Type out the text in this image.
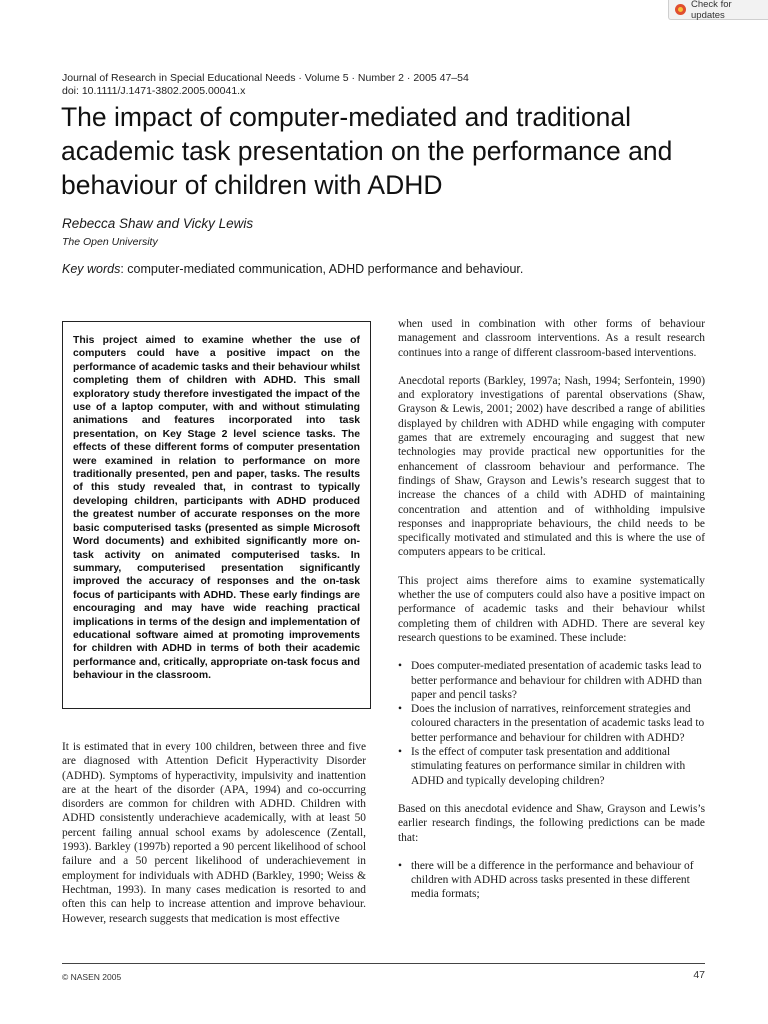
Check for updates
Journal of Research in Special Educational Needs · Volume 5 · Number 2 · 2005 47–54
doi: 10.1111/J.1471-3802.2005.00041.x
The impact of computer-mediated and traditional academic task presentation on the performance and behaviour of children with ADHD
Rebecca Shaw and Vicky Lewis
The Open University
Key words: computer-mediated communication, ADHD performance and behaviour.

This project aimed to examine whether the use of computers could have a positive impact on the performance of academic tasks and their behaviour whilst completing them of children with ADHD. This small exploratory study therefore investigated the impact of the use of a laptop computer, with and without stimulating animations and features incorporated into task presentation, on Key Stage 2 level science tasks. The effects of these different forms of computer presentation were examined in relation to performance on more traditionally presented, pen and paper, tasks. The results of this study revealed that, in contrast to typically developing children, participants with ADHD produced the greatest number of accurate responses on the more basic computerised tasks (presented as simple Microsoft Word documents) and exhibited significantly more on-task activity on animated computerised tasks. In summary, computerised presentation significantly improved the accuracy of responses and the on-task focus of participants with ADHD. These early findings are encouraging and may have wide reaching practical implications in terms of the design and implementation of educational software aimed at promoting improvements for children with ADHD in terms of both their academic performance and, critically, appropriate on-task focus and behaviour in the classroom.

It is estimated that in every 100 children, between three and five are diagnosed with Attention Deficit Hyperactivity Disorder (ADHD). Symptoms of hyperactivity, impulsivity and inattention are at the heart of the disorder (APA, 1994) and co-occurring disorders are common for children with ADHD. Children with ADHD consistently underachieve academically, with at least 50 percent failing annual school exams by adolescence (Zentall, 1993). Barkley (1997b) reported a 90 percent likelihood of school failure and a 50 percent likelihood of underachievement in employment for individuals with ADHD (Barkley, 1990; Weiss & Hechtman, 1993). In many cases medication is resorted to and often this can help to increase attention and improve behaviour. However, research suggests that medication is most effective

when used in combination with other forms of behaviour management and classroom interventions. As a result research continues into a range of different classroom-based interventions.

Anecdotal reports (Barkley, 1997a; Nash, 1994; Serfontein, 1990) and exploratory investigations of parental observations (Shaw, Grayson & Lewis, 2001; 2002) have described a range of abilities displayed by children with ADHD while engaging with computer games that are extremely encouraging and suggest that new technologies may provide practical new opportunities for the enhancement of classroom behaviour and performance. The findings of Shaw, Grayson and Lewis’s research suggest that to increase the chances of a child with ADHD of maintaining concentration and attention and of withholding impulsive responses and inappropriate behaviours, the child needs to be specifically motivated and stimulated and this is where the use of computers appears to be critical.

This project aims therefore aims to examine systematically whether the use of computers could also have a positive impact on performance of academic tasks and their behaviour whilst completing them of children with ADHD. There are several key research questions to be examined. These include:

• Does computer-mediated presentation of academic tasks lead to better performance and behaviour for children with ADHD than paper and pencil tasks?
• Does the inclusion of narratives, reinforcement strategies and coloured characters in the presentation of academic tasks lead to better performance and behaviour for children with ADHD?
• Is the effect of computer task presentation and additional stimulating features on performance similar in children with ADHD and typically developing children?

Based on this anecdotal evidence and Shaw, Grayson and Lewis’s earlier research findings, the following predictions can be made that:

• there will be a difference in the performance and behaviour of children with ADHD across tasks presented in these different media formats;
© NASEN 2005	47
